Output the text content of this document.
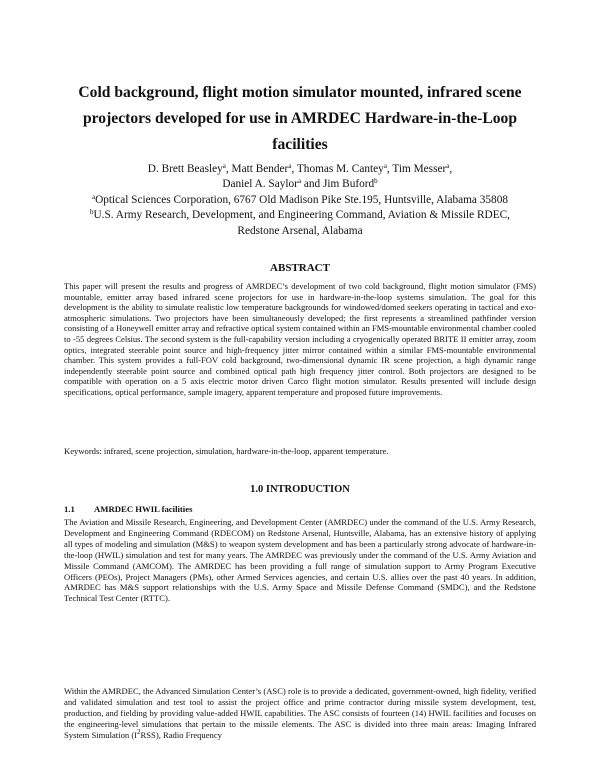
Cold background, flight motion simulator mounted, infrared scene projectors developed for use in AMRDEC Hardware-in-the-Loop facilities
D. Brett Beasley$^a$, Matt Bender$^a$, Thomas M. Cantey$^a$, Tim Messer$^a$,
Daniel A. Saylor$^a$ and Jim Buford$^b$
$^a$Optical Sciences Corporation, 6767 Old Madison Pike Ste.195, Huntsville, Alabama 35808
$^b$U.S. Army Research, Development, and Engineering Command, Aviation & Missile RDEC,
Redstone Arsenal, Alabama
ABSTRACT

This paper will present the results and progress of AMRDEC’s development of two cold background, flight motion simulator (FMS) mountable, emitter array based infrared scene projectors for use in hardware-in-the-loop systems simulation. The goal for this development is the ability to simulate realistic low temperature backgrounds for windowed/domed seekers operating in tactical and exo-atmospheric simulations. Two projectors have been simultaneously developed; the first represents a streamlined pathfinder version consisting of a Honeywell emitter array and refractive optical system contained within an FMS-mountable environmental chamber cooled to -55 degrees Celsius. The second system is the full-capability version including a cryogenically operated BRITE II emitter array, zoom optics, integrated steerable point source and high-frequency jitter mirror contained within a similar FMS-mountable environmental chamber. This system provides a full-FOV cold background, two-dimensional dynamic IR scene projection, a high dynamic range independently steerable point source and combined optical path high frequency jitter control. Both projectors are designed to be compatible with operation on a 5 axis electric motor driven Carco flight motion simulator. Results presented will include design specifications, optical performance, sample imagery, apparent temperature and proposed future improvements.

Keywords: infrared, scene projection, simulation, hardware-in-the-loop, apparent temperature.

1.0 INTRODUCTION
1.1 AMRDEC HWIL facilities

The Aviation and Missile Research, Engineering, and Development Center (AMRDEC) under the command of the U.S. Army Research, Development and Engineering Command (RDECOM) on Redstone Arsenal, Huntsville, Alabama, has an extensive history of applying all types of modeling and simulation (M&S) to weapon system development and has been a particularly strong advocate of hardware-in-the-loop (HWIL) simulation and test for many years. The AMRDEC was previously under the command of the U.S. Army Aviation and Missile Command (AMCOM). The AMRDEC has been providing a full range of simulation support to Army Program Executive Officers (PEOs), Project Managers (PMs), other Armed Services agencies, and certain U.S. allies over the past 40 years. In addition, AMRDEC has M&S support relationships with the U.S. Army Space and Missile Defense Command (SMDC), and the Redstone Technical Test Center (RTTC).

Within the AMRDEC, the Advanced Simulation Center’s (ASC) role is to provide a dedicated, government-owned, high fidelity, verified and validated simulation and test tool to assist the project office and prime contractor during missile system development, test, production, and fielding by providing value-added HWIL capabilities. The ASC consists of fourteen (14) HWIL facilities and focuses on the engineering-level simulations that pertain to the missile elements. The ASC is divided into three main areas: Imaging Infrared System Simulation $(I^2RSS)$, Radio Frequency
